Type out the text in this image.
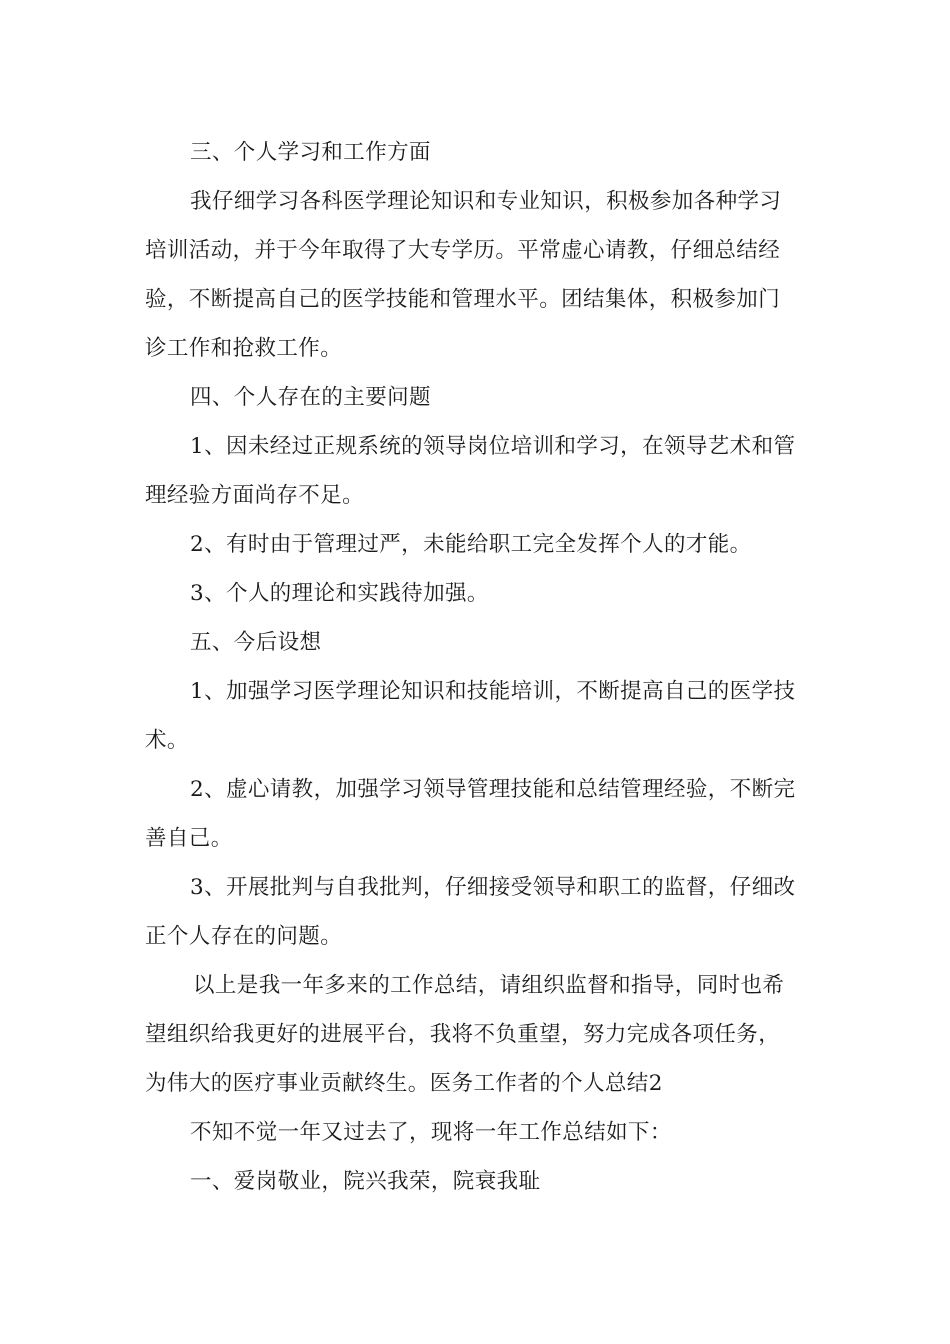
三、个人学习和工作方面
我仔细学习各科医学理论知识和专业知识，积极参加各种学习
培训活动，并于今年取得了大专学历。平常虚心请教，仔细总结经
验，不断提高自己的医学技能和管理水平。团结集体，积极参加门
诊工作和抢救工作。
四、个人存在的主要问题
1、因未经过正规系统的领导岗位培训和学习，在领导艺术和管
理经验方面尚存不足。
2、有时由于管理过严，未能给职工完全发挥个人的才能。
3、个人的理论和实践待加强。
五、今后设想
1、加强学习医学理论知识和技能培训，不断提高自己的医学技
术。
2、虚心请教，加强学习领导管理技能和总结管理经验，不断完
善自己。
3、开展批判与自我批判，仔细接受领导和职工的监督，仔细改
正个人存在的问题。
以上是我一年多来的工作总结，请组织监督和指导，同时也希
望组织给我更好的进展平台，我将不负重望，努力完成各项任务，
为伟大的医疗事业贡献终生。医务工作者的个人总结2
不知不觉一年又过去了，现将一年工作总结如下：
一、爱岗敬业，院兴我荣，院衰我耻
